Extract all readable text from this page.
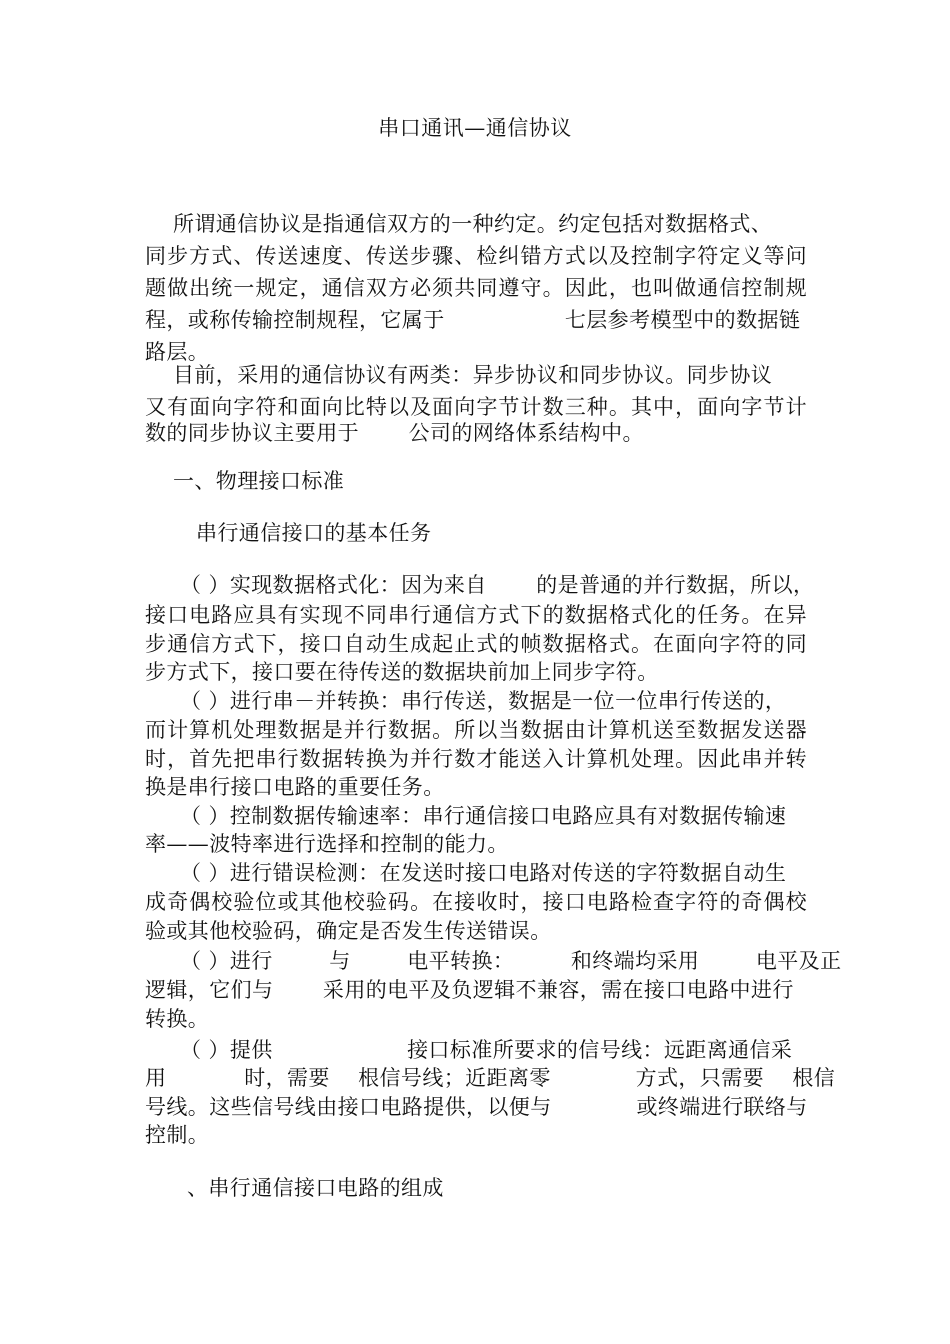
串口通讯—通信协议
所谓通信协议是指通信双方的一种约定。约定包括对数据格式、
同步方式、传送速度、传送步骤、检纠错方式以及控制字符定义等问
题做出统一规定，通信双方必须共同遵守。因此，也叫做通信控制规
程，或称传输控制规程，它属于                 七层参考模型中的数据链
路层。
目前，采用的通信协议有两类：异步协议和同步协议。同步协议
又有面向字符和面向比特以及面向字节计数三种。其中，面向字节计
数的同步协议主要用于       公司的网络体系结构中。
一、物理接口标准
串行通信接口的基本任务
（ ）实现数据格式化：因为来自       的是普通的并行数据，所以，
接口电路应具有实现不同串行通信方式下的数据格式化的任务。在异
步通信方式下，接口自动生成起止式的帧数据格式。在面向字符的同
步方式下，接口要在待传送的数据块前加上同步字符。
（ ）进行串－并转换：串行传送，数据是一位一位串行传送的，
而计算机处理数据是并行数据。所以当数据由计算机送至数据发送器
时，首先把串行数据转换为并行数才能送入计算机处理。因此串并转
换是串行接口电路的重要任务。
（ ）控制数据传输速率：串行通信接口电路应具有对数据传输速
率——波特率进行选择和控制的能力。
（ ）进行错误检测：在发送时接口电路对传送的字符数据自动生
成奇偶校验位或其他校验码。在接收时，接口电路检查字符的奇偶校
验或其他校验码，确定是否发生传送错误。
（ ）进行        与        电平转换：        和终端均采用        电平及正
逻辑，它们与       采用的电平及负逻辑不兼容，需在接口电路中进行
转换。
（ ）提供                   接口标准所要求的信号线：远距离通信采
用           时，需要    根信号线；近距离零            方式，只需要    根信
号线。这些信号线由接口电路提供，以便与            或终端进行联络与
控制。
、串行通信接口电路的组成
